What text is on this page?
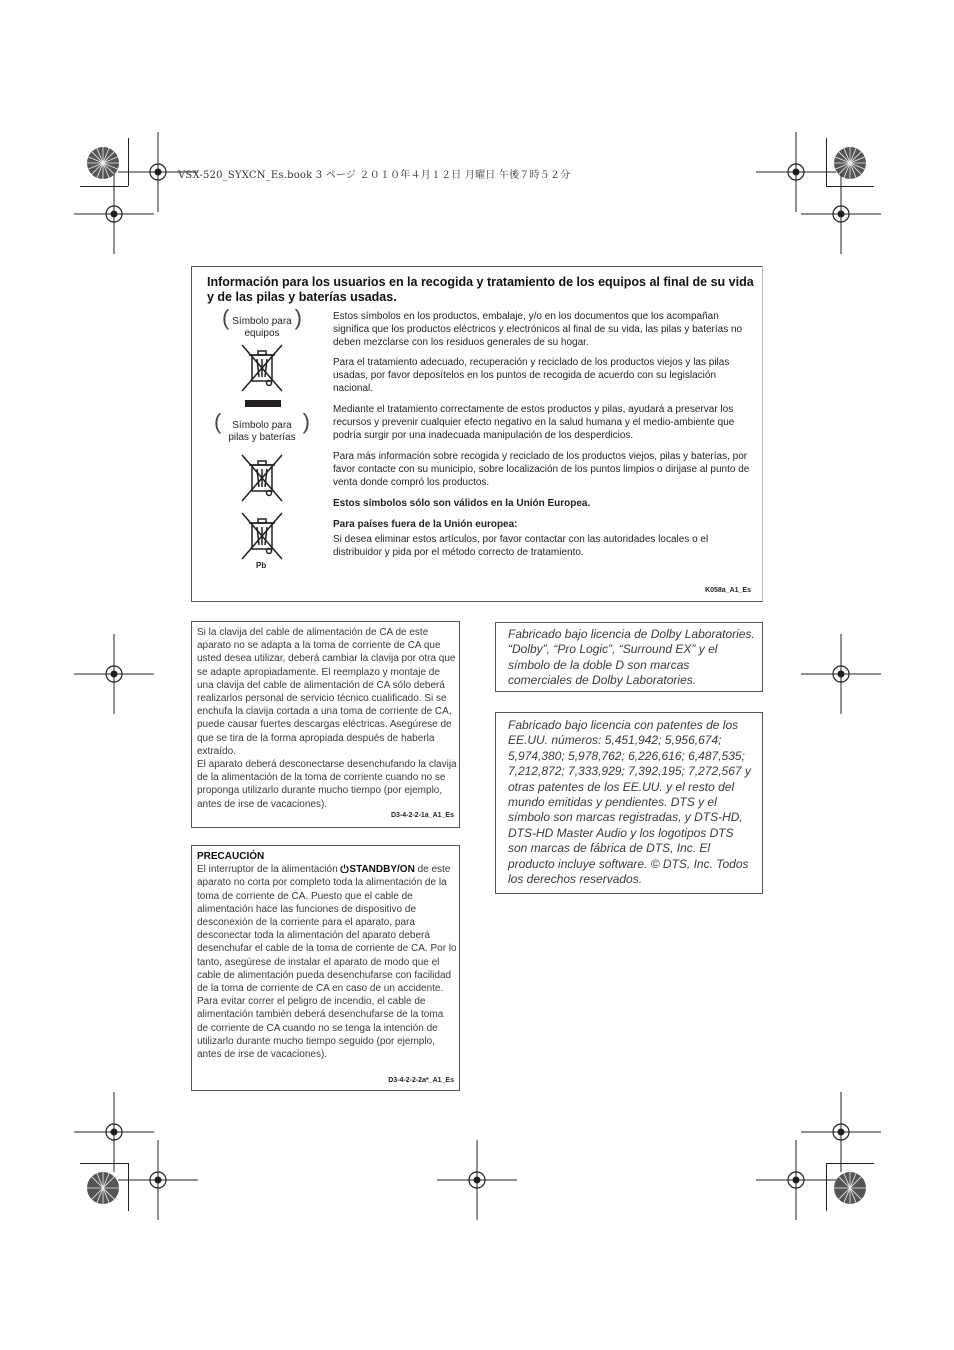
VSX-520_SYXCN_Es.book 3 ページ ２０１０年４月１２日 月曜日 午後７時５２分
Información para los usuarios en la recogida y tratamiento de los equipos al final de su vida y de las pilas y baterías usadas.
( Símbolo para
equipos
)
(	Símbolo para
pilas y baterías
)
Pb
Estos símbolos en los productos, embalaje, y/o en los documentos que los acompañan significa que los productos eléctricos y electrónicos al final de su vida, las pilas y baterías no deben mezclarse con los residuos generales de su hogar.
Para el tratamiento adecuado, recuperación y reciclado de los productos viejos y las pilas usadas, por favor deposítelos en los puntos de recogida de acuerdo con su legislación nacional.
Mediante el tratamiento correctamente de estos productos y pilas, ayudará a preservar los recursos y prevenir cualquier efecto negativo en la salud humana y el medio-ambiente que podría surgir por una inadecuada manipulación de los desperdicios.
Para más información sobre recogida y reciclado de los productos viejos, pilas y baterías, por favor contacte con su municipio, sobre localización de los puntos limpios o dirijase al punto de venta donde compró los productos.
Estos símbolos sólo son válidos en la Unión Europea.
Para países fuera de la Unión europea:
Si desea eliminar estos artículos, por favor contactar con las autoridades locales o el distribuidor y pida por el método correcto de tratamiento.
K058a_A1_Es
Si la clavija del cable de alimentación de CA de este aparato no se adapta a la toma de corriente de CA que usted desea utilizar, deberá cambiar la clavija por otra que se adapte apropiadamente. El reemplazo y montaje de una clavija del cable de alimentación de CA sólo deberá realizarlos personal de servicio técnico cualificado. Si se enchufa la clavija cortada a una toma de corriente de CA, puede causar fuertes descargas eléctricas. Asegúrese de que se tira de la forma apropiada después de haberla extraído.
El aparato deberá desconectarse desenchufando la clavija de la alimentación de la toma de corriente cuando no se proponga utilizarlo durante mucho tiempo (por ejemplo, antes de irse de vacaciones).
D3-4-2-2-1a_A1_Es
PRECAUCIÓN
El interruptor de la alimentación STANDBY/ON de este aparato no corta por completo toda la alimentación de la toma de corriente de CA. Puesto que el cable de alimentación hace las funciones de dispositivo de desconexión de la corriente para el aparato, para desconectar toda la alimentación del aparato deberá desenchufar el cable de la toma de corriente de CA. Por lo tanto, asegúrese de instalar el aparato de modo que el cable de alimentación pueda desenchufarse con facilidad de la toma de corriente de CA en caso de un accidente. Para evitar correr el peligro de incendio, el cable de alimentación también deberá desenchufarse de la toma de corriente de CA cuando no se tenga la intención de utilizarlo durante mucho tiempo seguido (por ejemplo, antes de irse de vacaciones).
D3-4-2-2-2a*_A1_Es
Fabricado bajo licencia de Dolby Laboratories. “Dolby”, “Pro Logic”, “Surround EX” y el símbolo de la doble D son marcas comerciales de Dolby Laboratories.
Fabricado bajo licencia con patentes de los EE.UU. números: 5,451,942; 5,956,674; 5,974,380; 5,978,762; 6,226,616; 6,487,535; 7,212,872; 7,333,929; 7,392,195; 7,272,567 y otras patentes de los EE.UU. y el resto del mundo emitidas y pendientes. DTS y el símbolo son marcas registradas, y DTS-HD, DTS-HD Master Audio y los logotipos DTS son marcas de fábrica de DTS, Inc. El producto incluye software. © DTS, Inc. Todos los derechos reservados.
